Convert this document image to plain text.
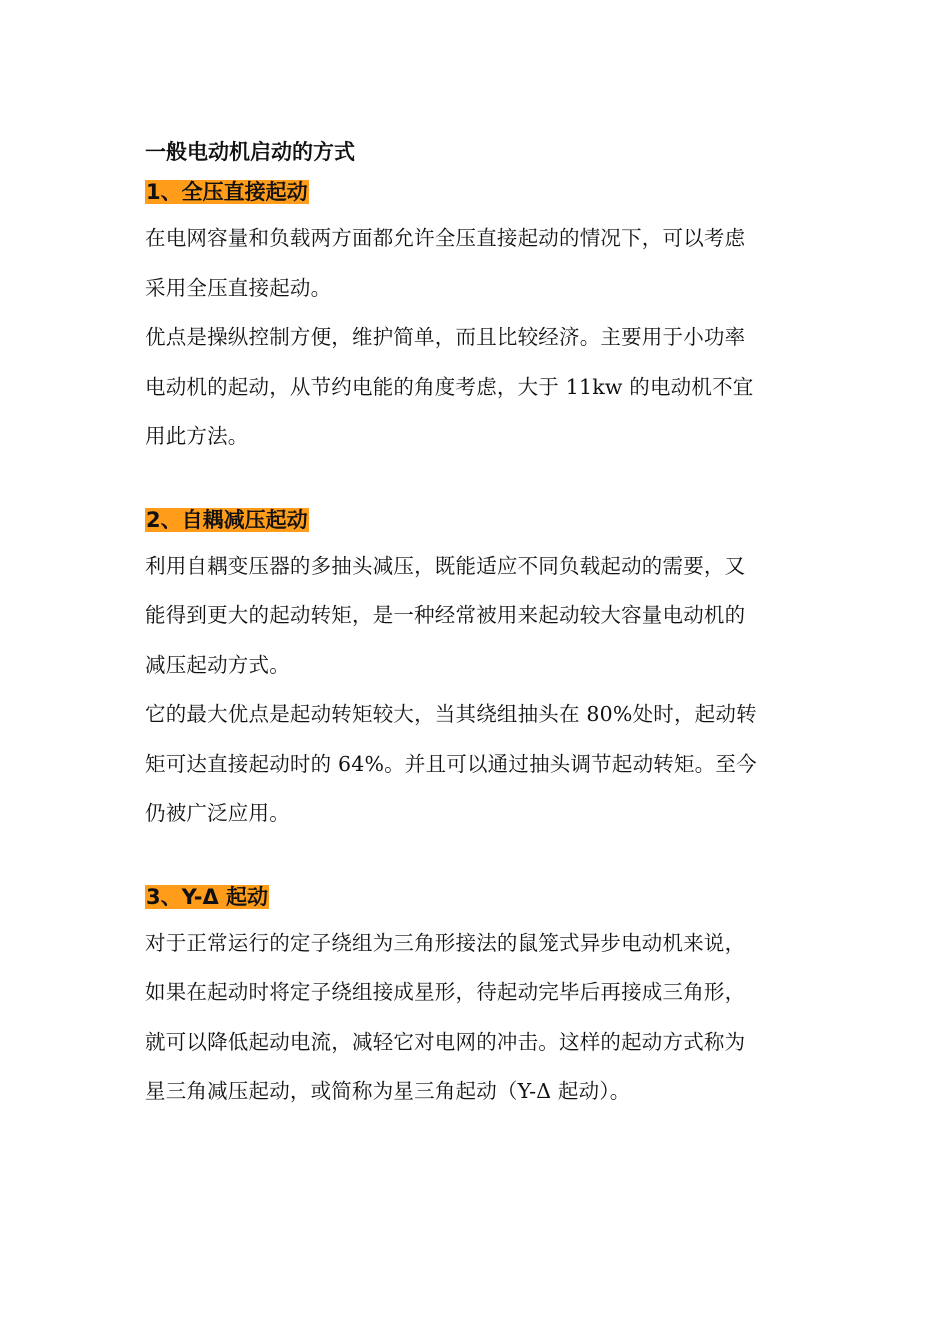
一般电动机启动的方式
1、全压直接起动

在电网容量和负载两方面都允许全压直接起动的情况下，可以考虑

采用全压直接起动。

优点是操纵控制方便，维护简单，而且比较经济。主要用于小功率

电动机的起动，从节约电能的角度考虑，大于 11kw 的电动机不宜

用此方法。

2、自耦减压起动

利用自耦变压器的多抽头减压，既能适应不同负载起动的需要，又

能得到更大的起动转矩，是一种经常被用来起动较大容量电动机的

减压起动方式。

它的最大优点是起动转矩较大，当其绕组抽头在 80%处时，起动转

矩可达直接起动时的 64%。并且可以通过抽头调节起动转矩。至今

仍被广泛应用。

3、Y-Δ 起动

对于正常运行的定子绕组为三角形接法的鼠笼式异步电动机来说，

如果在起动时将定子绕组接成星形，待起动完毕后再接成三角形，

就可以降低起动电流，减轻它对电网的冲击。这样的起动方式称为

星三角减压起动，或简称为星三角起动（Y-Δ 起动）。
